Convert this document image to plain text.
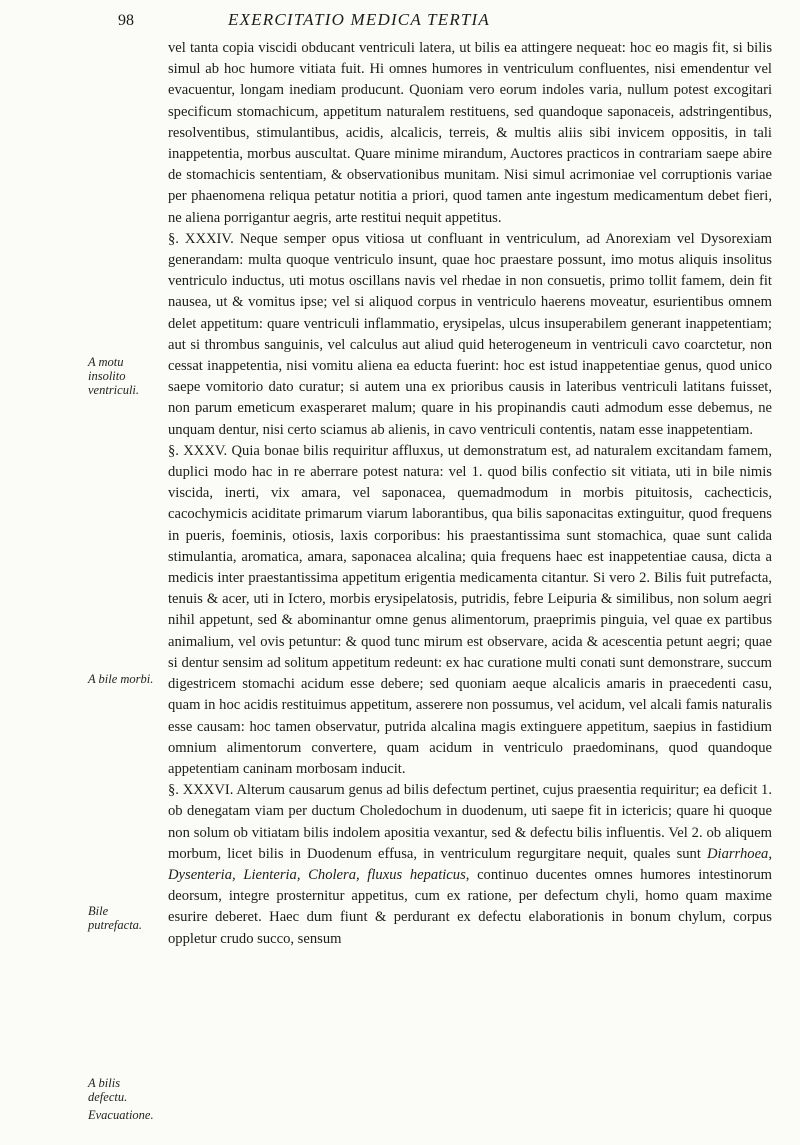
98	EXERCITATIO MEDICA TERTIA
A motu insolito ventriculi.
A bile morbi.
Bile putrefacta.
A bilis defectu.
Evacuatione.

vel tanta copia viscidi obducant ventriculi latera, ut bilis ea attingere nequeat: hoc eo magis fit, si bilis simul ab hoc humore vitiata fuit. Hi omnes humores in ventriculum confluentes, nisi emendentur vel evacuentur, longam inediam producunt. Quoniam vero eorum indoles varia, nullum potest excogitari specificum stomachicum, appetitum naturalem restituens, sed quandoque saponaceis, adstringentibus, resolventibus, stimulantibus, acidis, alcalicis, terreis, & multis aliis sibi invicem oppositis, in tali inappetentia, morbus auscultat. Quare minime mirandum, Auctores practicos in contrariam saepe abire de stomachicis sententiam, & observationibus munitam. Nisi simul acrimoniae vel corruptionis variae per phaenomena reliqua petatur notitia a priori, quod tamen ante ingestum medicamentum debet fieri, ne aliena porrigantur aegris, arte restitui nequit appetitus.

§. XXXIV. Neque semper opus vitiosa ut confluant in ventriculum, ad Anorexiam vel Dysorexiam generandam: multa quoque ventriculo insunt, quae hoc praestare possunt, imo motus aliquis insolitus ventriculo inductus, uti motus oscillans navis vel rhedae in non consuetis, primo tollit famem, dein fit nausea, ut & vomitus ipse; vel si aliquod corpus in ventriculo haerens moveatur, esurientibus omnem delet appetitum: quare ventriculi inflammatio, erysipelas, ulcus insuperabilem generant inappetentiam; aut si thrombus sanguinis, vel calculus aut aliud quid heterogeneum in ventriculi cavo coarctetur, non cessat inappetentia, nisi vomitu aliena ea educta fuerint: hoc est istud inappetentiae genus, quod unico saepe vomitorio dato curatur; si autem una ex prioribus causis in lateribus ventriculi latitans fuisset, non parum emeticum exasperaret malum; quare in his propinandis cauti admodum esse debemus, ne unquam dentur, nisi certo sciamus ab alienis, in cavo ventriculi contentis, natam esse inappetentiam.

§. XXXV. Quia bonae bilis requiritur affluxus, ut demonstratum est, ad naturalem excitandam famem, duplici modo hac in re aberrare potest natura: vel 1. quod bilis confectio sit vitiata, uti in bile nimis viscida, inerti, vix amara, vel saponacea, quemadmodum in morbis pituitosis, cachecticis, cacochymicis aciditate primarum viarum laborantibus, qua bilis saponacitas extinguitur, quod frequens in pueris, foeminis, otiosis, laxis corporibus: his praestantissima sunt stomachica, quae sunt calida stimulantia, aromatica, amara, saponacea alcalina; quia frequens haec est inappetentiae causa, dicta a medicis inter praestantissima appetitum erigentia medicamenta citantur. Si vero 2. Bilis fuit putrefacta, tenuis & acer, uti in Ictero, morbis erysipelatosis, putridis, febre Leipuria & similibus, non solum aegri nihil appetunt, sed & abominantur omne genus alimentorum, praeprimis pinguia, vel quae ex partibus animalium, vel ovis petuntur: & quod tunc mirum est observare, acida & acescentia petunt aegri; quae si dentur sensim ad solitum appetitum redeunt: ex hac curatione multi conati sunt demonstrare, succum digestricem stomachi acidum esse debere; sed quoniam aeque alcalicis amaris in praecedenti casu, quam in hoc acidis restituimus appetitum, asserere non possumus, vel acidum, vel alcali famis naturalis esse causam: hoc tamen observatur, putrida alcalina magis extinguere appetitum, saepius in fastidium omnium alimentorum convertere, quam acidum in ventriculo praedominans, quod quandoque appetentiam caninam morbosam inducit.

§. XXXVI. Alterum causarum genus ad bilis defectum pertinet, cujus praesentia requiritur; ea deficit 1. ob denegatam viam per ductum Choledochum in duodenum, uti saepe fit in ictericis; quare hi quoque non solum ob vitiatam bilis indolem apositia vexantur, sed & defectu bilis influentis. Vel 2. ob aliquem morbum, licet bilis in Duodenum effusa, in ventriculum regurgitare nequit, quales sunt Diarrhoea, Dysenteria, Lienteria, Cholera, fluxus hepaticus, continuo ducentes omnes humores intestinorum deorsum, integre prosternitur appetitus, cum ex ratione, per defectum chyli, homo quam maxime esurire deberet. Haec dum fiunt & perdurant ex defectu elaborationis in bonum chylum, corpus oppletur crudo succo, sensum
